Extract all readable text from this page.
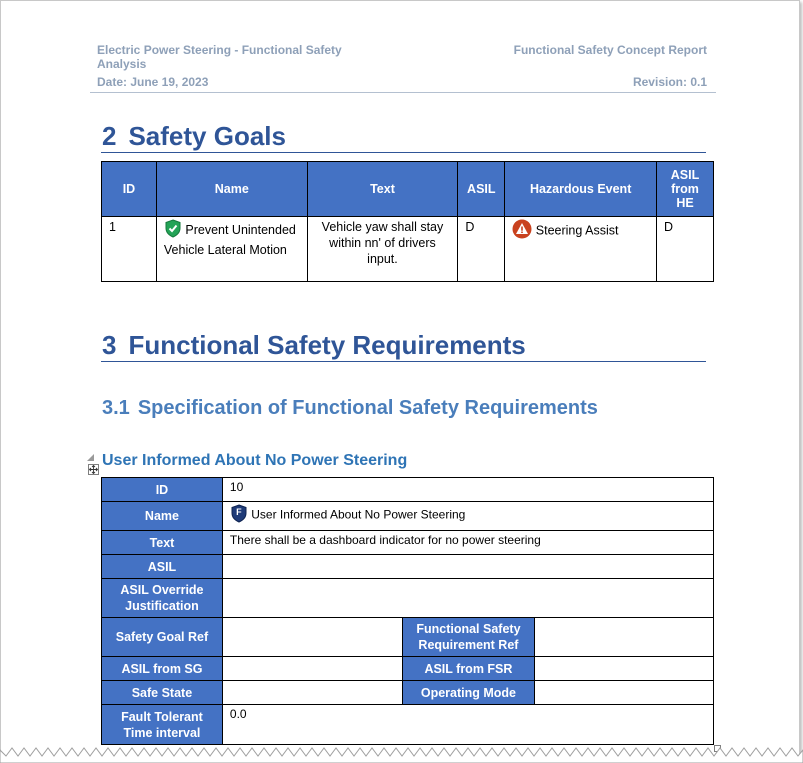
Electric Power Steering - Functional Safety Analysis
Date: June 19, 2023
Functional Safety Concept Report
Revision: 0.1
2 Safety Goals
ID	Name	Text	ASIL	Hazardous Event	ASIL from HE
1	Prevent Unintended Vehicle Lateral Motion	Vehicle yaw shall stay within nn' of drivers input.	D	Steering Assist	D
3 Functional Safety Requirements
3.1 Specification of Functional Safety Requirements
User Informed About No Power Steering
ID	10		
Name	F User Informed About No Power Steering		
Text	There shall be a dashboard indicator for no power steering		
ASIL			
ASIL Override Justification			
Safety Goal Ref		Functional Safety Requirement Ref	
ASIL from SG		ASIL from FSR	
Safe State		Operating Mode	
Fault Tolerant Time interval	0.0		
